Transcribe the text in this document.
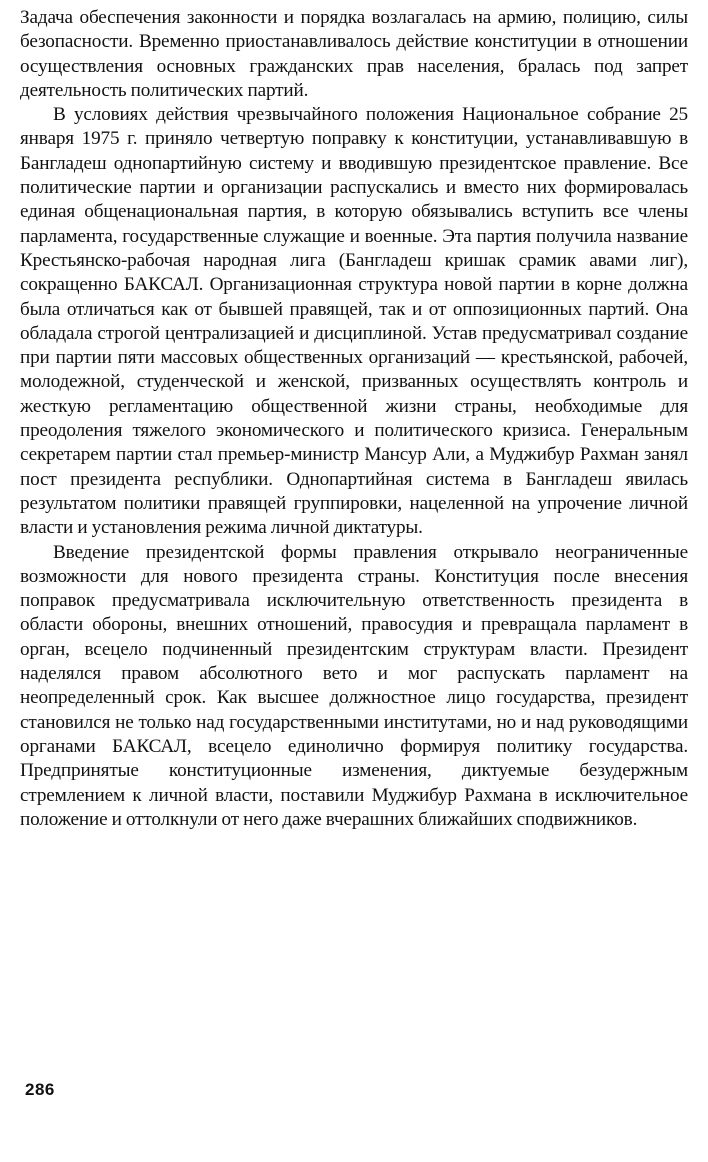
Задача обеспечения законности и порядка возлагалась на армию, полицию, силы безопасности. Временно приостанавливалось действие конституции в отношении осуществления основных гражданских прав населения, бралась под запрет деятельность политических партий.

В условиях действия чрезвычайного положения Национальное собрание 25 января 1975 г. приняло четвертую поправку к конституции, устанавливавшую в Бангладеш однопартийную систему и вводившую президентское правление. Все политические партии и организации распускались и вместо них формировалась единая общенациональная партия, в которую обязывались вступить все члены парламента, государственные служащие и военные. Эта партия получила название Крестьянско-рабочая народная лига (Бангладеш кришак срамик авами лиг), сокращенно БАКСАЛ. Организационная структура новой партии в корне должна была отличаться как от бывшей правящей, так и от оппозиционных партий. Она обладала строгой централизацией и дисциплиной. Устав предусматривал создание при партии пяти массовых общественных организаций — крестьянской, рабочей, молодежной, студенческой и женской, призванных осуществлять контроль и жесткую регламентацию общественной жизни страны, необходимые для преодоления тяжелого экономического и политического кризиса. Генеральным секретарем партии стал премьер-министр Мансур Али, а Муджибур Рахман занял пост президента республики. Однопартийная система в Бангладеш явилась результатом политики правящей группировки, нацеленной на упрочение личной власти и установления режима личной диктатуры.

Введение президентской формы правления открывало неограниченные возможности для нового президента страны. Конституция после внесения поправок предусматривала исключительную ответственность президента в области обороны, внешних отношений, правосудия и превращала парламент в орган, всецело подчиненный президентским структурам власти. Президент наделялся правом абсолютного вето и мог распускать парламент на неопределенный срок. Как высшее должностное лицо государства, президент становился не только над государственными институтами, но и над руководящими органами БАКСАЛ, всецело единолично формируя политику государства. Предпринятые конституционные изменения, диктуемые безудержным стремлением к личной власти, поставили Муджибур Рахмана в исключительное положение и оттолкнули от него даже вчерашних ближайших сподвижников.

286
